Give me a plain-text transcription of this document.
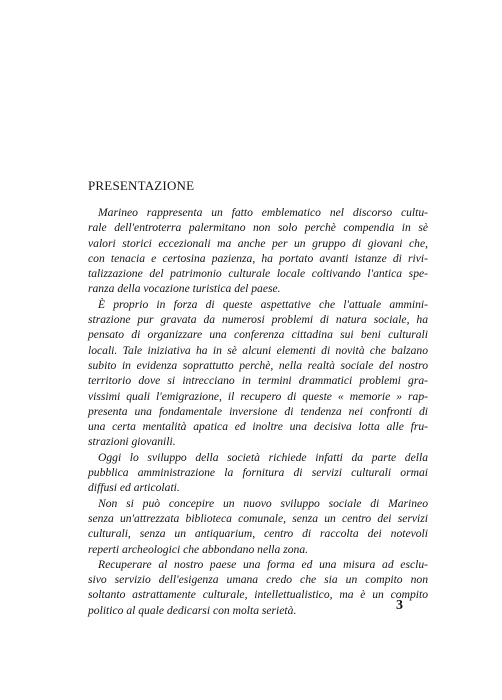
PRESENTAZIONE

Marineo rappresenta un fatto emblematico nel discorso cultu-
rale dell'entroterra palermitano non solo perchè compendia in sè
valori storici eccezionali ma anche per un gruppo di giovani che,
con tenacia e certosina pazienza, ha portato avanti istanze di rivi-
talizzazione del patrimonio culturale locale coltivando l'antica spe-
ranza della vocazione turistica del paese.

È proprio in forza di queste aspettative che l'attuale ammini-
strazione pur gravata da numerosi problemi di natura sociale, ha
pensato di organizzare una conferenza cittadina sui beni culturali
locali. Tale iniziativa ha in sè alcuni elementi di novità che balzano
subito in evidenza soprattutto perchè, nella realtà sociale del nostro
territorio dove si intrecciano in termini drammatici problemi gra-
vissimi quali l'emigrazione, il recupero di queste « memorie » rap-
presenta una fondamentale inversione di tendenza nei confronti di
una certa mentalità apatica ed inoltre una decisiva lotta alle fru-
strazioni giovanili.

Oggi lo sviluppo della società richiede infatti da parte della
pubblica amministrazione la fornitura di servizi culturali ormai
diffusi ed articolati.

Non si può concepire un nuovo sviluppo sociale di Marineo
senza un'attrezzata biblioteca comunale, senza un centro dei servizi
culturali, senza un antiquarium, centro di raccolta dei notevoli
reperti archeologici che abbondano nella zona.

Recuperare al nostro paese una forma ed una misura ad esclu-
sivo servizio dell'esigenza umana credo che sia un compito non
soltanto astrattamente culturale, intellettualistico, ma è un compito
politico al quale dedicarsi con molta serietà.	3
